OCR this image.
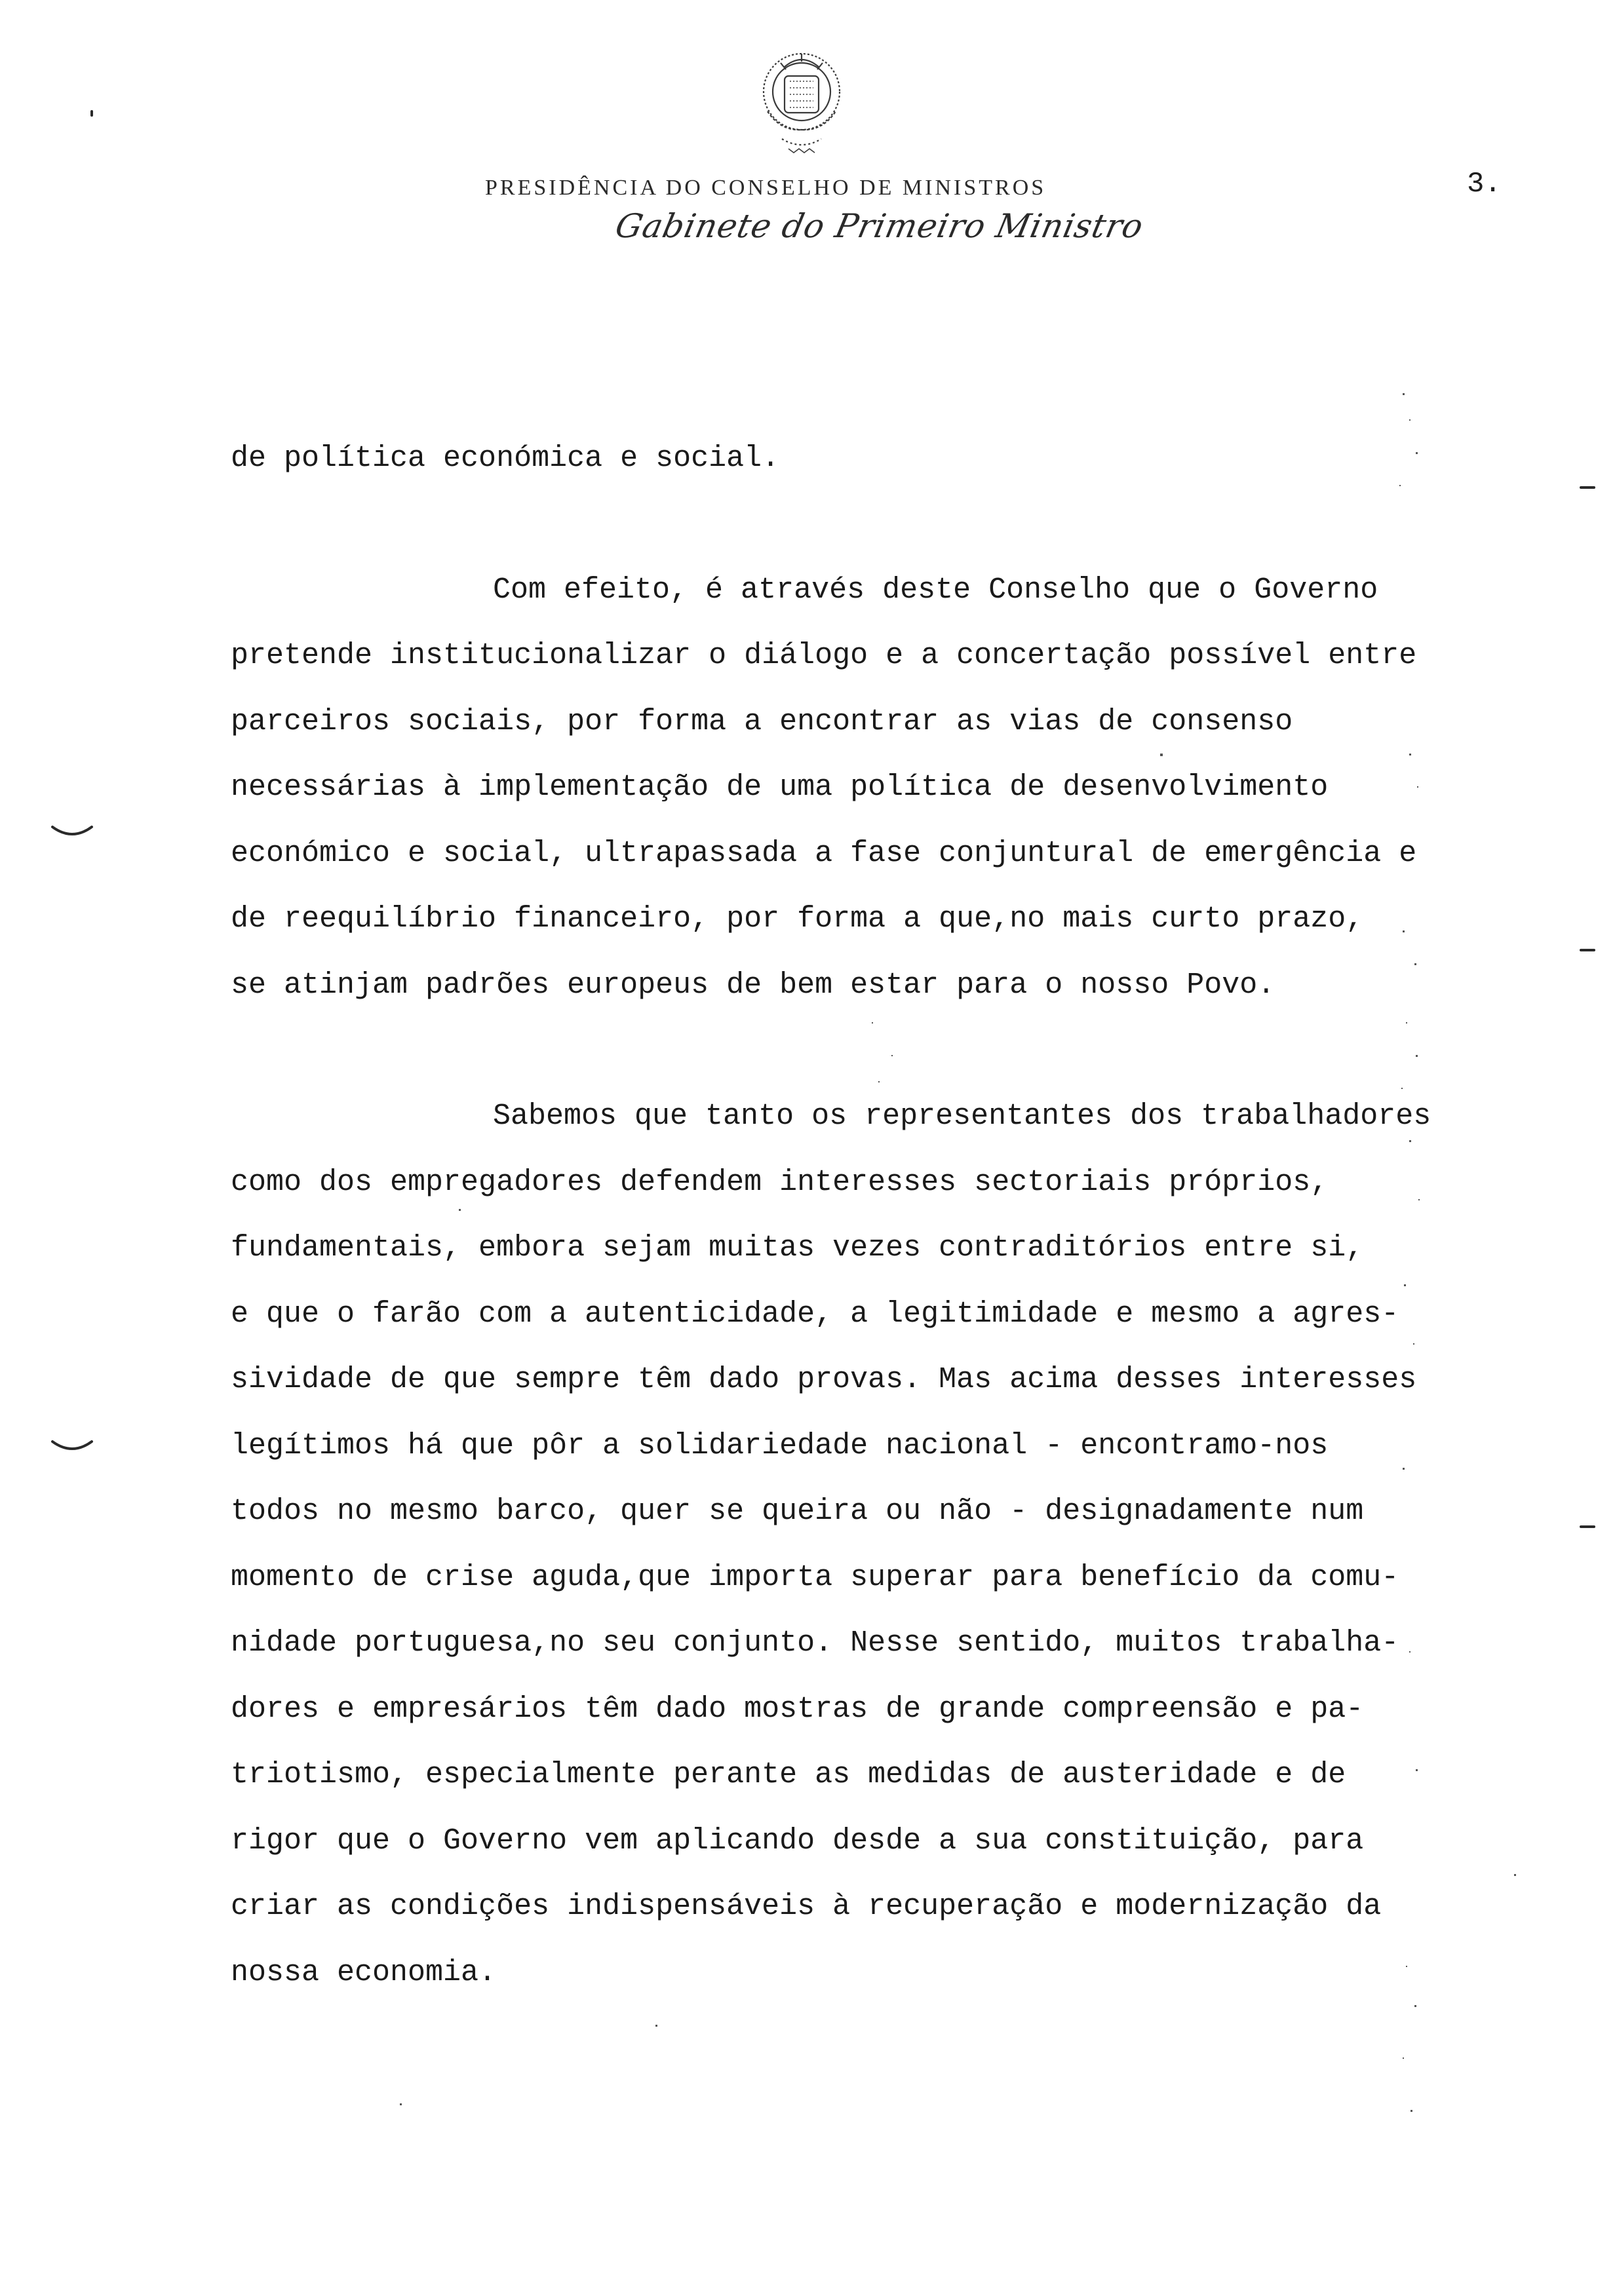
PRESIDÊNCIA DO CONSELHO DE MINISTROS	3.
Gabinete do Primeiro Ministro
de política económica e social.
Com efeito, é através deste Conselho que o Governo
pretende institucionalizar o diálogo e a concertação possível entre
parceiros sociais, por forma a encontrar as vias de consenso
necessárias à implementação de uma política de desenvolvimento
económico e social, ultrapassada a fase conjuntural de emergência e
de reequilíbrio financeiro, por forma a que,no mais curto prazo,
se atinjam padrões europeus de bem estar para o nosso Povo.
Sabemos que tanto os representantes dos trabalhadores
como dos empregadores defendem interesses sectoriais próprios,
fundamentais, embora sejam muitas vezes contraditórios entre si,
e que o farão com a autenticidade, a legitimidade e mesmo a agres-
sividade de que sempre têm dado provas. Mas acima desses interesses
legítimos há que pôr a solidariedade nacional - encontramo-nos
todos no mesmo barco, quer se queira ou não - designadamente num
momento de crise aguda,que importa superar para benefício da comu-
nidade portuguesa,no seu conjunto. Nesse sentido, muitos trabalha-
dores e empresários têm dado mostras de grande compreensão e pa-
triotismo, especialmente perante as medidas de austeridade e de
rigor que o Governo vem aplicando desde a sua constituição, para
criar as condições indispensáveis à recuperação e modernização da
nossa economia.
